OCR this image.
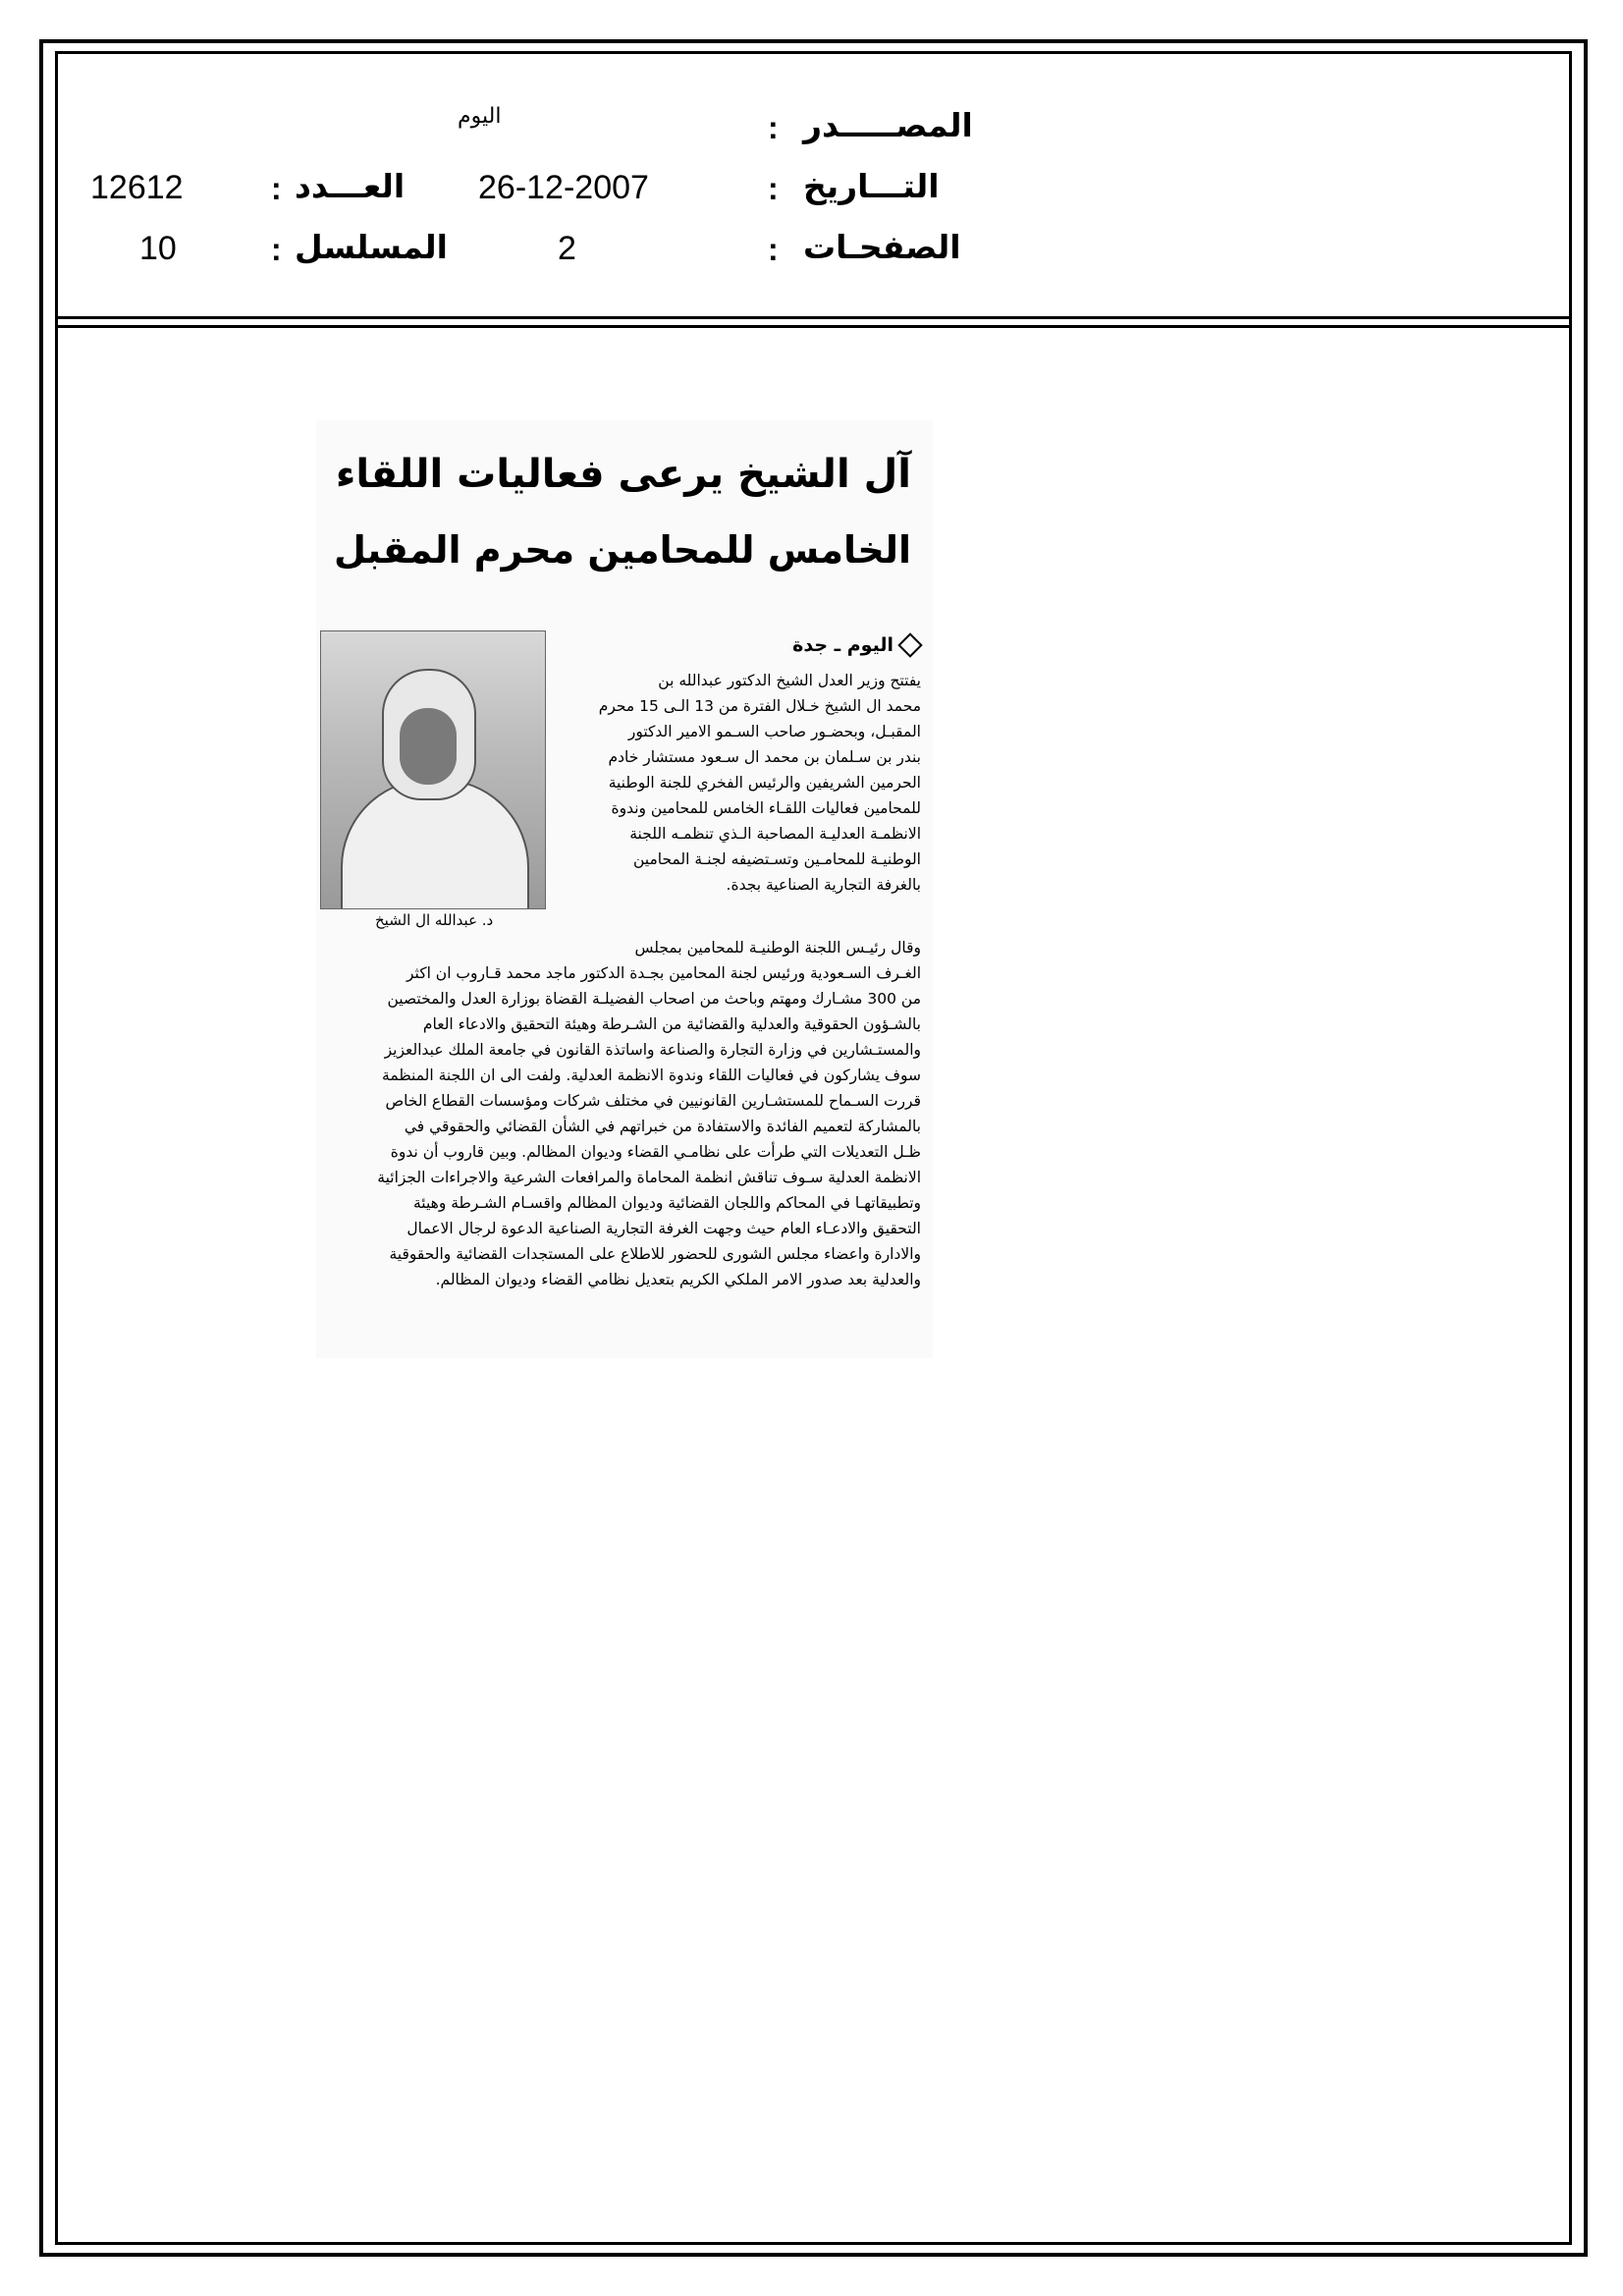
المصـــــدر
:
اليوم
التـــاريخ
:
26-12-2007
العـــدد
:
12612
الصفحـات
:
2
المسلسل
:
10
آل الشيخ يرعى فعاليات اللقاء
الخامس للمحامين محرم المقبل
اليوم ـ جدة
د. عبدالله ال الشيخ
يفتتح وزير العدل الشيخ الدكتور عبدالله بن
محمد ال الشيخ خـلال الفترة من 13 الـى 15 محرم
المقبـل، وبحضـور صاحب السـمو الامير الدكتور
بندر بن سـلمان بن محمد ال سـعود مستشار خادم
الحرمين الشريفين والرئيس الفخري للجنة الوطنية
للمحامين فعاليات اللقـاء الخامس للمحامين وندوة
الانظمـة العدليـة المصاحبة الـذي تنظمـه اللجنة
الوطنيـة للمحامـين وتسـتضيفه لجنـة المحامين
بالغرفة التجارية الصناعية بجدة.
وقال رئيـس اللجنة الوطنيـة للمحامين بمجلس
الغـرف السـعودية ورئيس لجنة المحامين بجـدة الدكتور ماجد محمد قـاروب ان اكثر
من 300 مشـارك ومهتم وباحث من اصحاب الفضيلـة القضاة بوزارة العدل والمختصين
بالشـؤون الحقوقية والعدلية والقضائية من الشـرطة وهيئة التحقيق والادعاء العام
والمستـشارين في وزارة التجارة والصناعة واساتذة القانون في جامعة الملك عبدالعزيز
سوف يشاركون في فعاليات اللقاء وندوة الانظمة العدلية. ولفت الى ان اللجنة المنظمة
قررت السـماح للمستشـارين القانونيين في مختلف شركات ومؤسسات القطاع الخاص
بالمشاركة لتعميم الفائدة والاستفادة من خبراتهم في الشأن القضائي والحقوقي في
ظـل التعديلات التي طرأت على نظامـي القضاء وديوان المظالم. وبين قاروب أن ندوة
الانظمة العدلية سـوف تناقش انظمة المحاماة والمرافعات الشرعية والاجراءات الجزائية
وتطبيقاتهـا في المحاكم واللجان القضائية وديوان المظالم واقسـام الشـرطة وهيئة
التحقيق والادعـاء العام حيث وجهت الغرفة التجارية الصناعية الدعوة لرجال الاعمال
والادارة واعضاء مجلس الشورى للحضور للاطلاع على المستجدات القضائية والحقوقية
والعدلية بعد صدور الامر الملكي الكريم بتعديل نظامي القضاء وديوان المظالم.
